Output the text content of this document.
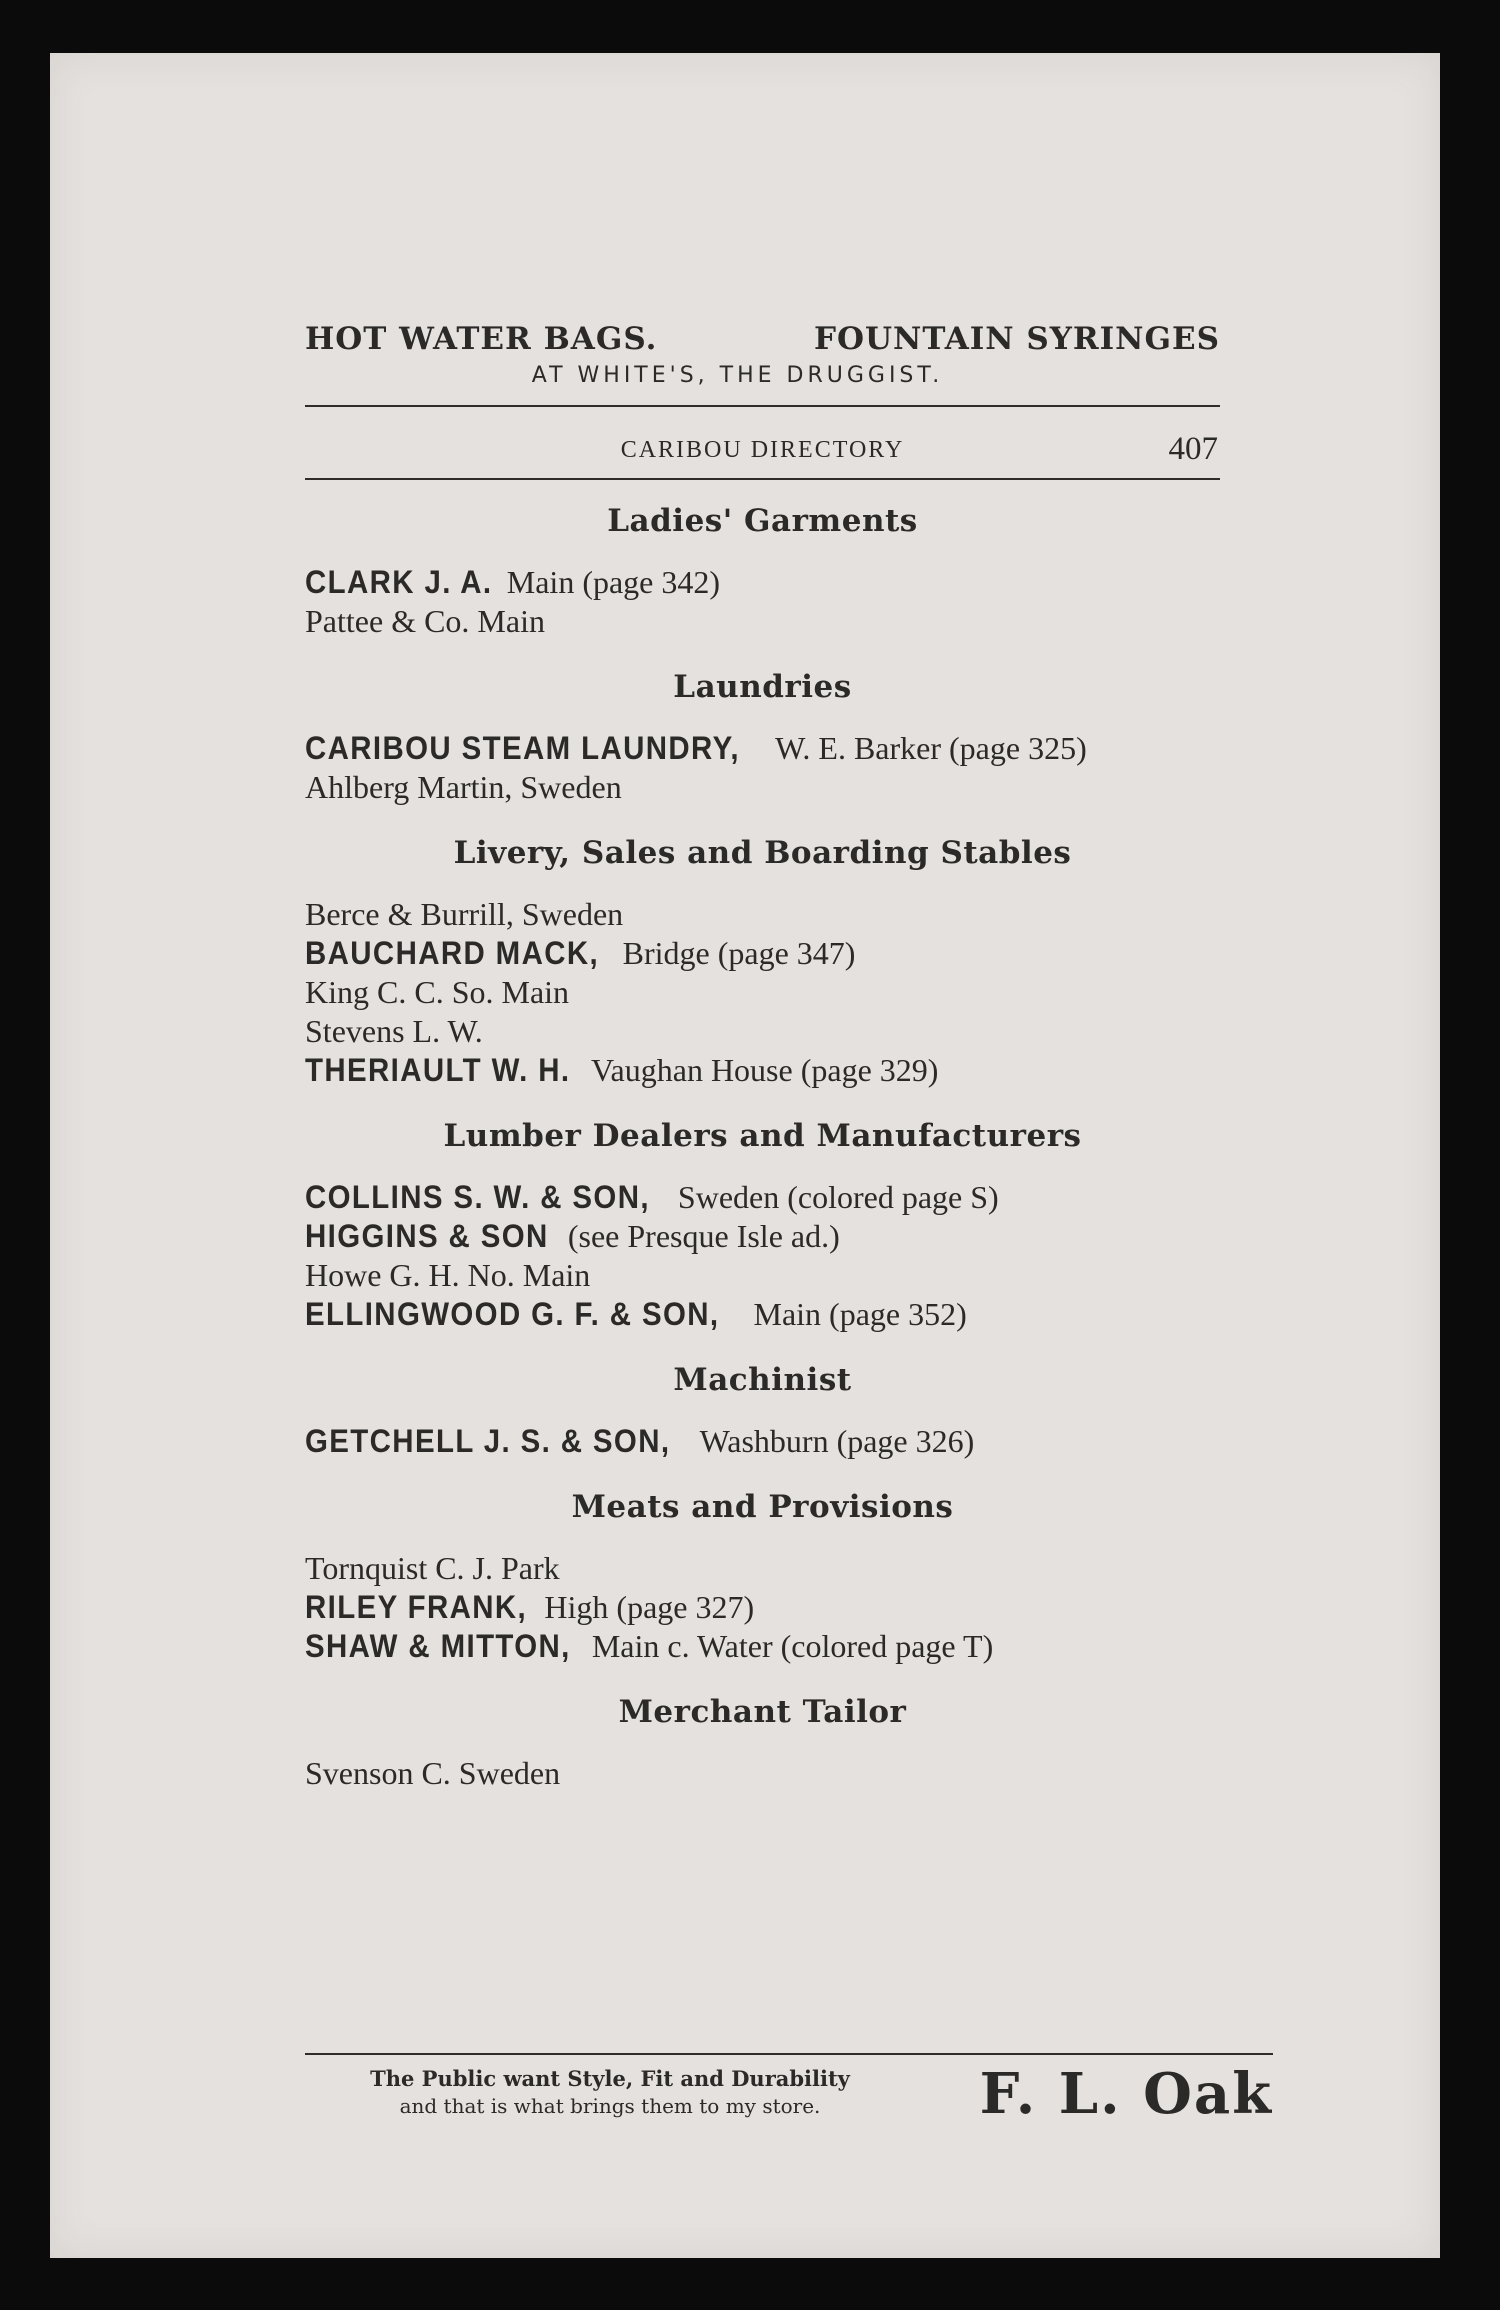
HOT WATER BAGS.	FOUNTAIN SYRINGES
AT WHITE'S, THE DRUGGIST.
CARIBOU DIRECTORY	407
Ladies' Garments
CLARK J. A. Main (page 342)
Pattee & Co. Main
Laundries
CARIBOU STEAM LAUNDRY, W. E. Barker (page 325)
Ahlberg Martin, Sweden
Livery, Sales and Boarding Stables
Berce & Burrill, Sweden
BAUCHARD MACK, Bridge (page 347)
King C. C. So. Main
Stevens L. W.
THERIAULT W. H. Vaughan House (page 329)
Lumber Dealers and Manufacturers
COLLINS S. W. & SON, Sweden (colored page S)
HIGGINS & SON (see Presque Isle ad.)
Howe G. H. No. Main
ELLINGWOOD G. F. & SON, Main (page 352)
Machinist
GETCHELL J. S. & SON, Washburn (page 326)
Meats and Provisions
Tornquist C. J. Park
RILEY FRANK, High (page 327)
SHAW & MITTON, Main c. Water (colored page T)
Merchant Tailor
Svenson C. Sweden
The Public want Style, Fit and Durability
and that is what brings them to my store.	F. L. Oak
